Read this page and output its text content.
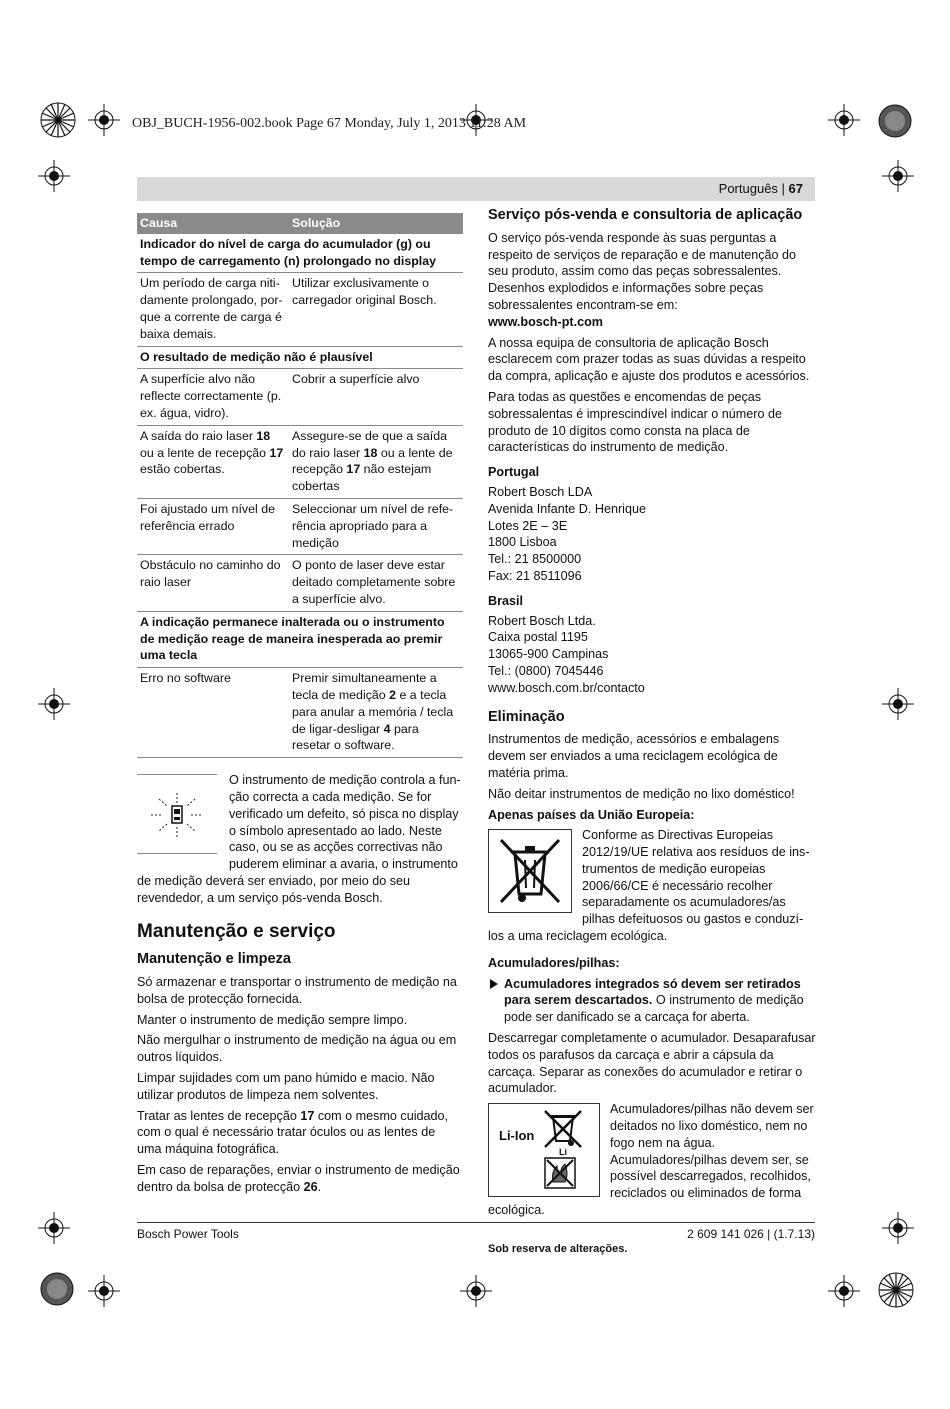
OBJ_BUCH-1956-002.book Page 67 Monday, July 1, 2013 11:28 AM
Português | 67
Causa	Solução
Indicador do nível de carga do acumulador (g) ou tempo de carregamento (n) prolongado no display	
Um período de carga nitidamente prolongado, porque a corrente de carga é baixa demais.	Utilizar exclusivamente o carregador original Bosch.
O resultado de medição não é plausível	
A superfície alvo não reflecte correctamente (p. ex. água, vidro).	Cobrir a superfície alvo
A saída do raio laser 18 ou a lente de recepção 17 estão cobertas.	Assegure-se de que a saída do raio laser 18 ou a lente de recepção 17 não estejam cobertas
Foi ajustado um nível de referência errado	Seleccionar um nível de referência apropriado para a medição
Obstáculo no caminho do raio laser	O ponto de laser deve estar deitado completamente sobre a superfície alvo.
A indicação permanece inalterada ou o instrumento de medição reage de maneira inesperada ao premir uma tecla	
Erro no software	Premir simultaneamente a tecla de medição 2 e a tecla para anular a memória / tecla de ligar-desligar 4 para resetar o software.

O instrumento de medição controla a função correcta a cada medição. Se for verificado um defeito, só pisca no display o símbolo apresentado ao lado. Neste caso, ou se as acções correctivas não puderem eliminar a avaria, o instrumento de medição deverá ser enviado, por meio do seu revendedor, a um serviço pós-venda Bosch.

Manutenção e serviço
Manutenção e limpeza

Só armazenar e transportar o instrumento de medição na bolsa de protecção fornecida.

Manter o instrumento de medição sempre limpo.

Não mergulhar o instrumento de medição na água ou em outros líquidos.

Limpar sujidades com um pano húmido e macio. Não utilizar produtos de limpeza nem solventes.

Tratar as lentes de recepção 17 com o mesmo cuidado, com o qual é necessário tratar óculos ou as lentes de uma máquina fotográfica.

Em caso de reparações, enviar o instrumento de medição dentro da bolsa de protecção 26.

Serviço pós-venda e consultoria de aplicação

O serviço pós-venda responde às suas perguntas a respeito de serviços de reparação e de manutenção do seu produto, assim como das peças sobressalentes. Desenhos explodidos e informações sobre peças sobressalentes encontram-se em:

www.bosch-pt.com

A nossa equipa de consultoria de aplicação Bosch esclarecem com prazer todas as suas dúvidas a respeito da compra, aplicação e ajuste dos produtos e acessórios.

Para todas as questões e encomendas de peças sobressalentas é imprescindível indicar o número de produto de 10 dígitos como consta na placa de características do instrumento de medição.

Portugal

Robert Bosch LDA

Avenida Infante D. Henrique

Lotes 2E – 3E

1800 Lisboa

Tel.: 21 8500000

Fax: 21 8511096

Brasil

Robert Bosch Ltda.

Caixa postal 1195

13065-900 Campinas

Tel.: (0800) 7045446

www.bosch.com.br/contacto

Eliminação

Instrumentos de medição, acessórios e embalagens devem ser enviados a uma reciclagem ecológica de matéria prima.

Não deitar instrumentos de medição no lixo doméstico!

Apenas países da União Europeia:

Conforme as Directivas Europeias 2012/19/UE relativa aos resíduos de instrumentos de medição europeias 2006/66/CE é necessário recolher separadamente os acumuladores/as pilhas defeituosos ou gastos e conduzí-los a uma reciclagem ecológica.

Acumuladores/pilhas:

Acumuladores integrados só devem ser retirados para serem descartados. O instrumento de medição pode ser danificado se a carcaça for aberta.

Descarregar completamente o acumulador. Desaparafusar todos os parafusos da carcaça e abrir a cápsula da carcaça. Separar as conexões do acumulador e retirar o acumulador.

Li-Ion
Li

Acumuladores/pilhas não devem ser deitados no lixo doméstico, nem no fogo nem na água. Acumuladores/pilhas devem ser, se possível descarregados, recolhidos, reciclados ou eliminados de forma ecológica.

Sob reserva de alterações.

Bosch Power Tools	2 609 141 026 | (1.7.13)
